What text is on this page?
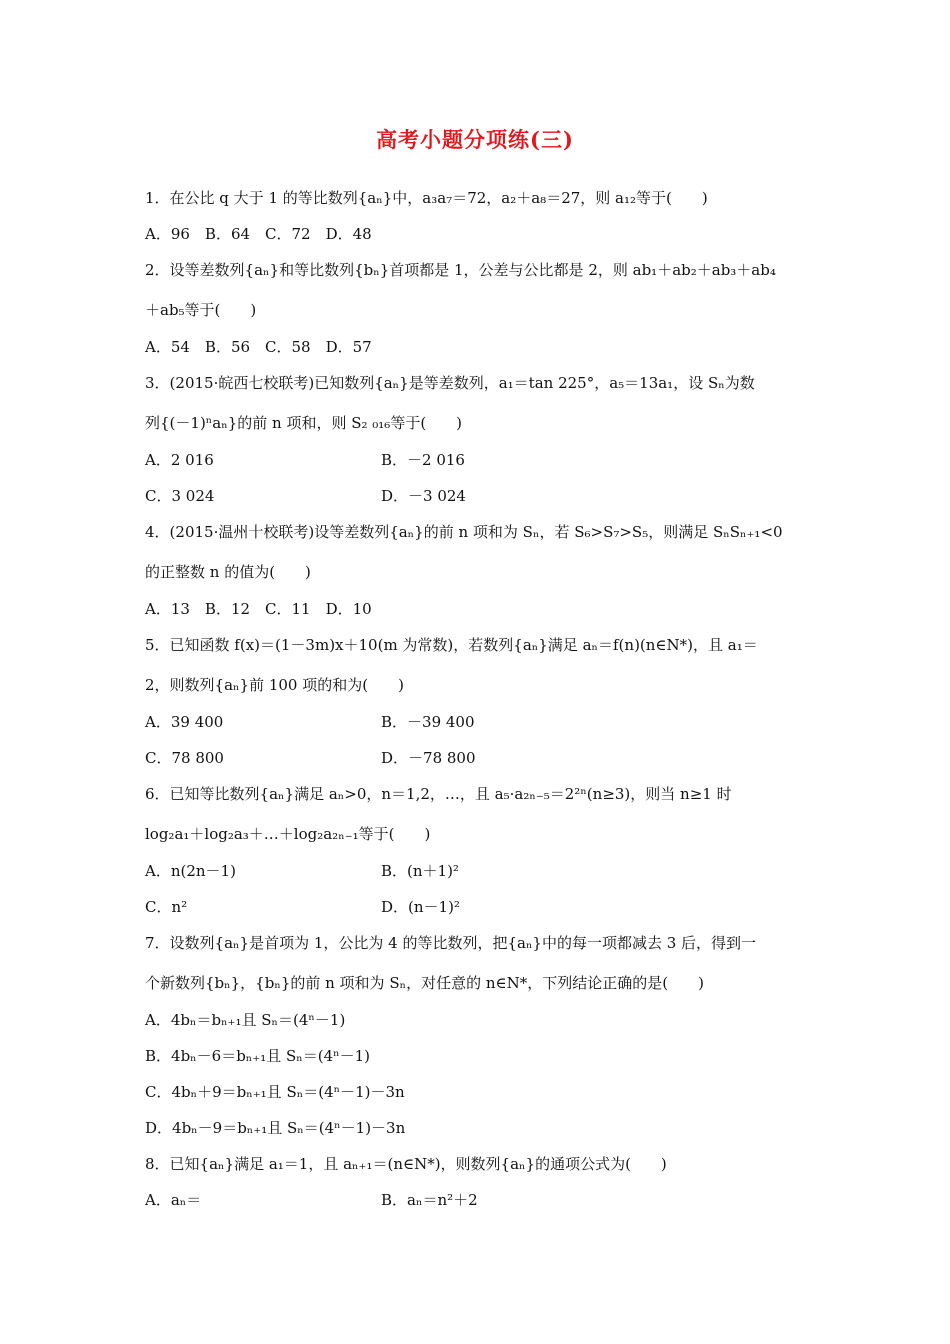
高考小题分项练(三)
1．在公比 q 大于 1 的等比数列{aₙ}中，a₃a₇＝72，a₂＋a₈＝27，则 a₁₂等于(　　)
A．96　B．64　C．72　D．48
2．设等差数列{aₙ}和等比数列{bₙ}首项都是 1，公差与公比都是 2，则 ab₁＋ab₂＋ab₃＋ab₄
＋ab₅等于(　　)
A．54　B．56　C．58　D．57
3．(2015·皖西七校联考)已知数列{aₙ}是等差数列，a₁＝tan 225°，a₅＝13a₁，设 Sₙ为数
列{(－1)ⁿaₙ}的前 n 项和，则 S₂ ₀₁₆等于(　　)
A．2 016	B．－2 016
C．3 024	D．－3 024
4．(2015·温州十校联考)设等差数列{aₙ}的前 n 项和为 Sₙ，若 S₆>S₇>S₅，则满足 SₙSₙ₊₁<0
的正整数 n 的值为(　　)
A．13　B．12　C．11　D．10
5．已知函数 f(x)＝(1－3m)x＋10(m 为常数)，若数列{aₙ}满足 aₙ＝f(n)(n∈N*)，且 a₁＝
2，则数列{aₙ}前 100 项的和为(　　)
A．39 400	B．－39 400
C．78 800	D．－78 800
6．已知等比数列{aₙ}满足 aₙ>0，n＝1,2，…，且 a₅·a₂ₙ₋₅＝2²ⁿ(n≥3)，则当 n≥1 时
log₂a₁＋log₂a₃＋…＋log₂a₂ₙ₋₁等于(　　)
A．n(2n－1)	B．(n＋1)²
C．n²	D．(n－1)²
7．设数列{aₙ}是首项为 1，公比为 4 的等比数列，把{aₙ}中的每一项都减去 3 后，得到一
个新数列{bₙ}，{bₙ}的前 n 项和为 Sₙ，对任意的 n∈N*，下列结论正确的是(　　)
A．4bₙ＝bₙ₊₁且 Sₙ＝(4ⁿ－1)
B．4bₙ－6＝bₙ₊₁且 Sₙ＝(4ⁿ－1)
C．4bₙ＋9＝bₙ₊₁且 Sₙ＝(4ⁿ－1)－3n
D．4bₙ－9＝bₙ₊₁且 Sₙ＝(4ⁿ－1)－3n
8．已知{aₙ}满足 a₁＝1，且 aₙ₊₁＝(n∈N*)，则数列{aₙ}的通项公式为(　　)
A．aₙ＝	B．aₙ＝n²＋2
